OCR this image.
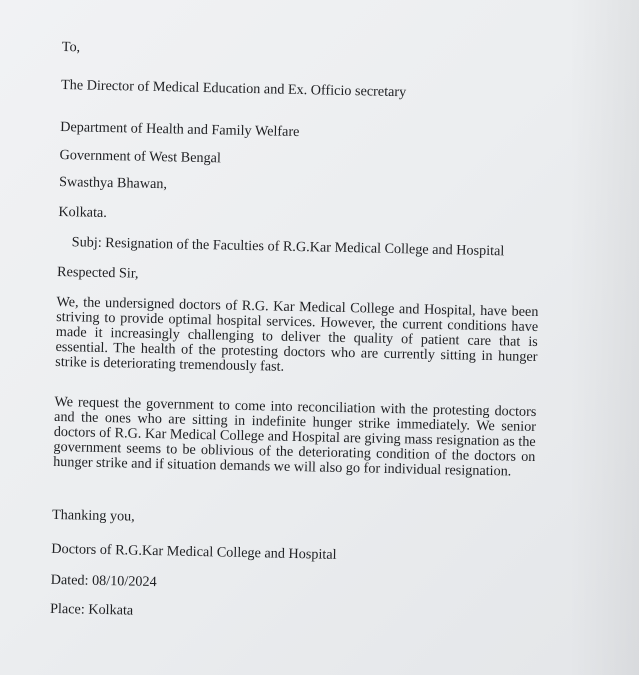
To,
The Director of Medical Education and Ex. Officio secretary
Department of Health and Family Welfare
Government of West Bengal
Swasthya Bhawan,
Kolkata.
Subj: Resignation of the Faculties of R.G.Kar Medical College and Hospital
Respected Sir,
We, the undersigned doctors of R.G. Kar Medical College and Hospital, have been striving to provide optimal hospital services. However, the current conditions have made it increasingly challenging to deliver the quality of patient care that is essential. The health of the protesting doctors who are currently sitting in hunger strike is deteriorating tremendously fast.
We request the government to come into reconciliation with the protesting doctors and the ones who are sitting in indefinite hunger strike immediately. We senior doctors of R.G. Kar Medical College and Hospital are giving mass resignation as the government seems to be oblivious of the deteriorating condition of the doctors on hunger strike and if situation demands we will also go for individual resignation.
Thanking you,
Doctors of R.G.Kar Medical College and Hospital
Dated: 08/10/2024
Place: Kolkata
